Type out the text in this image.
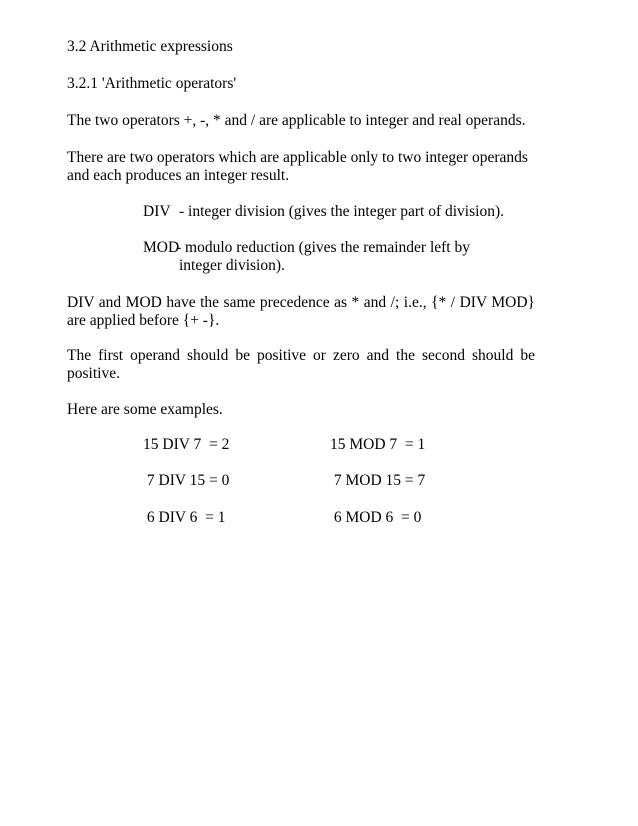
3.2 Arithmetic expressions
3.2.1 'Arithmetic operators'
The two operators +, -, * and / are applicable to integer and real operands.
There are two operators which are applicable only to two integer operands
and each produces an integer result.
DIV - integer division (gives the integer part of division).
MOD
- modulo reduction (gives the remainder left by
integer division).
DIV and MOD have the same precedence as * and /; i.e., {* / DIV MOD}
are applied before {+ -}.
The first operand should be positive or zero and the second should be
positive.
Here are some examples.
15 DIV 7  = 2	15 MOD 7  = 1
7 DIV 15 = 0	7 MOD 15 = 7
6 DIV 6  = 1	6 MOD 6  = 0
